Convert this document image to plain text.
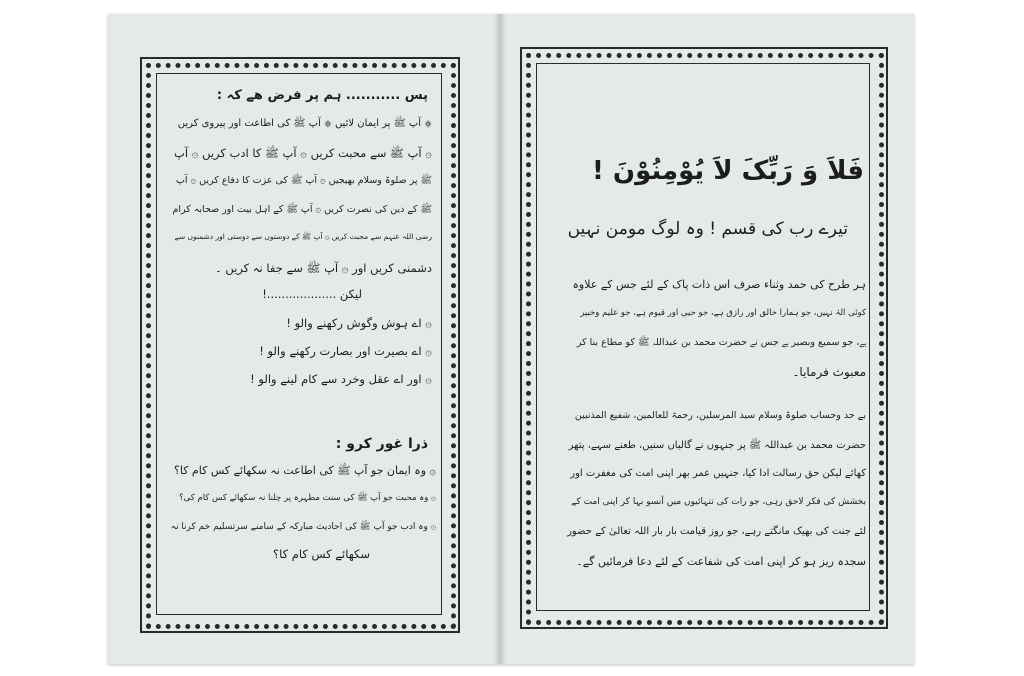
پس ........... ہم پر فرض ھے کہ :
۞ آپ ﷺ پر ایمان لائیں ۞ آپ ﷺ کی اطاعت اور پیروی کریں
۞ آپ ﷺ سے محبت کریں ۞ آپ ﷺ کا ادب کریں ۞ آپ
ﷺ پر صلوۃ وسلام بھیجیں ۞ آپ ﷺ کی عزت کا دفاع کریں ۞ آپ
ﷺ کے دین کی نصرت کریں ۞ آپ ﷺ کے اہل بیت اور صحابہ کرام
رضی اللہ عنہم سے محبت کریں ۞ آپ ﷺ کے دوستوں سے دوستی اور دشمنوں سے
دشمنی کریں اور ۞ آپ ﷺ سے جفا نہ کریں ۔
لیکن ...................!
۞ اے ہوش وگوش رکھنے والو !
۞ اے بصیرت اور بصارت رکھنے والو !
۞ اور اے عقل وخرد سے کام لینے والو !
ذرا غور کرو :
۞ وہ ایمان جو آپ ﷺ کی اطاعت نہ سکھائے کس کام کا؟
۞ وہ محبت جو آپ ﷺ کی سنت مطہرہ پر چلنا نہ سکھائے کس کام کی؟
۞ وہ ادب جو آپ ﷺ کی احادیث مبارکہ کے سامنے سرتسلیم خم کرنا نہ
سکھائے کس کام کا؟
فَلاَ وَ رَبِّکَ لاَ یُوْمِنُوْنَ !
تیرے رب کی قسم ! وہ لوگ مومن نہیں
ہر طرح کی حمد وثناء صرف اس ذات پاک کے لئے جس کے علاوہ
کوئی الہٰ نہیں، جو ہمارا خالق اور رازق ہے، جو حیی اور قیوم ہے، جو علیم وخبیر
ہے، جو سمیع وبصیر ہے جس نے حضرت محمد بن عبداللہ ﷺ کو مطاع بنا کر
معبوث فرمایا۔
بے حد وحساب صلوۃ وسلام سید المرسلین، رحمۃ للعالمین، شفیع المذنبین
حضرت محمد بن عبداللہ ﷺ پر جنہوں نے گالیاں سنیں، طعنے سہے، پتھر
کھائے لیکن حق رسالت ادا کیا، جنہیں عمر بھر اپنی امت کی مغفرت اور
بخشش کی فکر لاحق رہی، جو رات کی تنہائیوں میں آنسو بہا کر اپنی امت کے
لئے جنت کی بھیک مانگتے رہے، جو روز قیامت بار بار اللہ تعالیٰ کے حضور
سجدہ ریز ہو کر اپنی امت کی شفاعت کے لئے دعا فرمائیں گے۔
